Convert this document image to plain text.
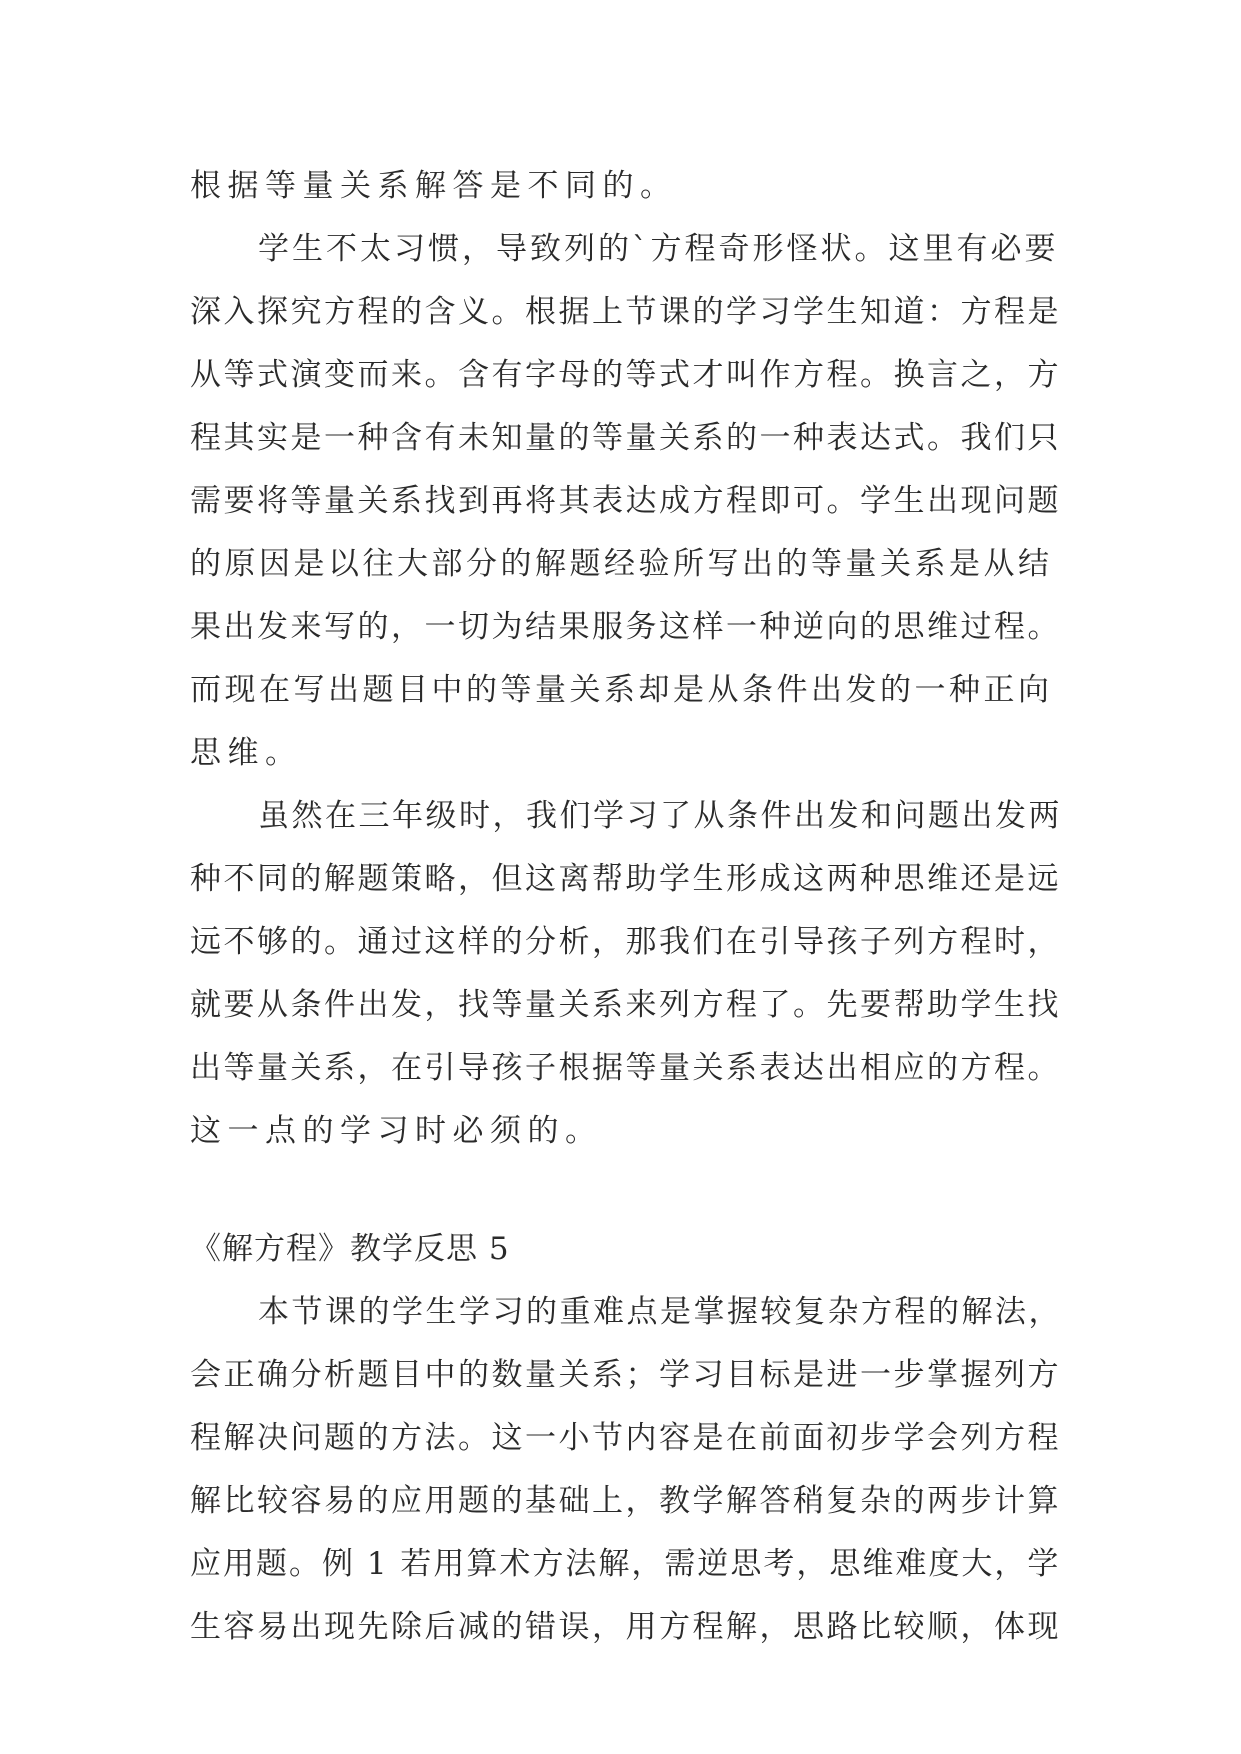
根据等量关系解答是不同的。
学生不太习惯，导致列的`方程奇形怪状。这里有必要
深入探究方程的含义。根据上节课的学习学生知道：方程是
从等式演变而来。含有字母的等式才叫作方程。换言之，方
程其实是一种含有未知量的等量关系的一种表达式。我们只
需要将等量关系找到再将其表达成方程即可。学生出现问题
的原因是以往大部分的解题经验所写出的等量关系是从结
果出发来写的，一切为结果服务这样一种逆向的思维过程。
而现在写出题目中的等量关系却是从条件出发的一种正向
思维。
虽然在三年级时，我们学习了从条件出发和问题出发两
种不同的解题策略，但这离帮助学生形成这两种思维还是远
远不够的。通过这样的分析，那我们在引导孩子列方程时，
就要从条件出发，找等量关系来列方程了。先要帮助学生找
出等量关系，在引导孩子根据等量关系表达出相应的方程。
这一点的学习时必须的。
《解方程》教学反思 5
本节课的学生学习的重难点是掌握较复杂方程的解法，
会正确分析题目中的数量关系；学习目标是进一步掌握列方
程解决问题的方法。这一小节内容是在前面初步学会列方程
解比较容易的应用题的基础上，教学解答稍复杂的两步计算
应用题。例 1 若用算术方法解，需逆思考，思维难度大，学
生容易出现先除后减的错误，用方程解，思路比较顺，体现
